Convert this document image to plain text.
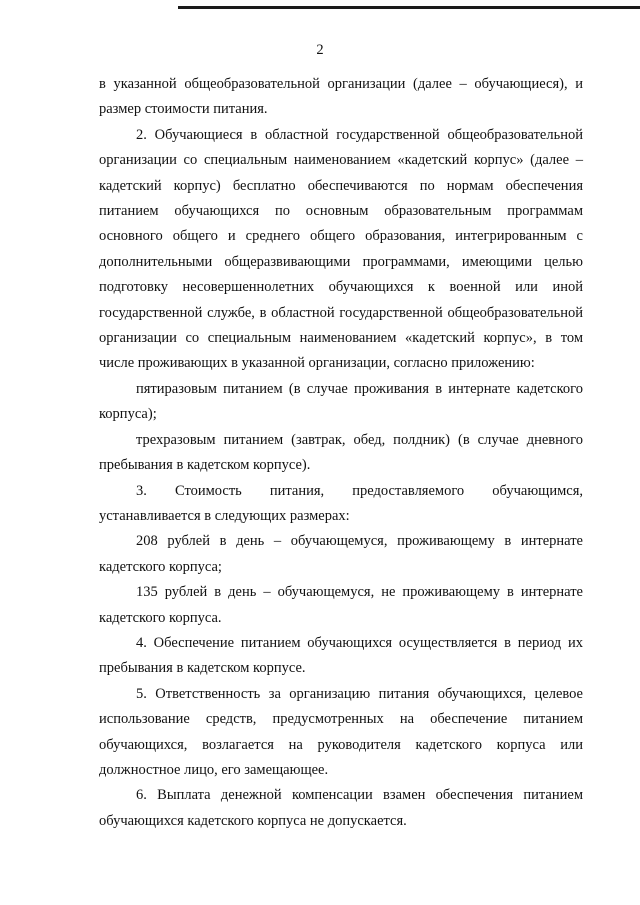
2

в указанной общеобразовательной организации (далее – обучающиеся), и размер стоимости питания.

2. Обучающиеся в областной государственной общеобразовательной организации со специальным наименованием «кадетский корпус» (далее – кадетский корпус) бесплатно обеспечиваются по нормам обеспечения питанием обучающихся по основным образовательным программам основного общего и среднего общего образования, интегрированным с дополнительными общеразвивающими программами, имеющими целью подготовку несовершеннолетних обучающихся к военной или иной государственной службе, в областной государственной общеобразовательной организации со специальным наименованием «кадетский корпус», в том числе проживающих в указанной организации, согласно приложению:

пятиразовым питанием (в случае проживания в интернате кадетского корпуса);

трехразовым питанием (завтрак, обед, полдник) (в случае дневного пребывания в кадетском корпусе).

3. Стоимость питания, предоставляемого обучающимся, устанавливается в следующих размерах:

208 рублей в день – обучающемуся, проживающему в интернате кадетского корпуса;

135 рублей в день – обучающемуся, не проживающему в интернате кадетского корпуса.

4. Обеспечение питанием обучающихся осуществляется в период их пребывания в кадетском корпусе.

5. Ответственность за организацию питания обучающихся, целевое использование средств, предусмотренных на обеспечение питанием обучающихся, возлагается на руководителя кадетского корпуса или должностное лицо, его замещающее.

6. Выплата денежной компенсации взамен обеспечения питанием обучающихся кадетского корпуса не допускается.
